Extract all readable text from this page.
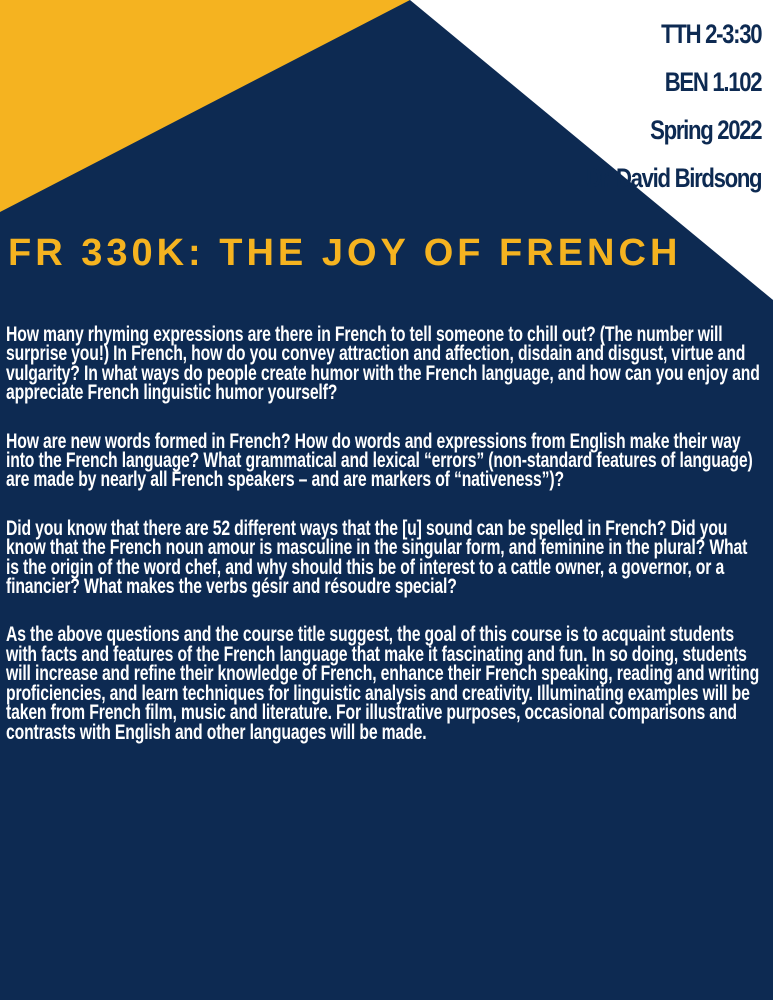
TTH 2-3:30
BEN 1.102
Spring 2022
Dr. David Birdsong
FR 330K: THE JOY OF FRENCH

How many rhyming expressions are there in French to tell someone to chill out? (The number will surprise you!) In French, how do you convey attraction and affection, disdain and disgust, virtue and vulgarity? In what ways do people create humor with the French language, and how can you enjoy and appreciate French linguistic humor yourself?

How are new words formed in French? How do words and expressions from English make their way into the French language? What grammatical and lexical “errors” (non-standard features of language) are made by nearly all French speakers – and are markers of “nativeness”)?

Did you know that there are 52 different ways that the [u] sound can be spelled in French? Did you know that the French noun amour is masculine in the singular form, and feminine in the plural? What is the origin of the word chef, and why should this be of interest to a cattle owner, a governor, or a financier? What makes the verbs gésir and résoudre special?

As the above questions and the course title suggest, the goal of this course is to acquaint students with facts and features of the French language that make it fascinating and fun. In so doing, students will increase and refine their knowledge of French, enhance their French speaking, reading and writing proficiencies, and learn techniques for linguistic analysis and creativity. Illuminating examples will be taken from French film, music and literature. For illustrative purposes, occasional comparisons and contrasts with English and other languages will be made.
